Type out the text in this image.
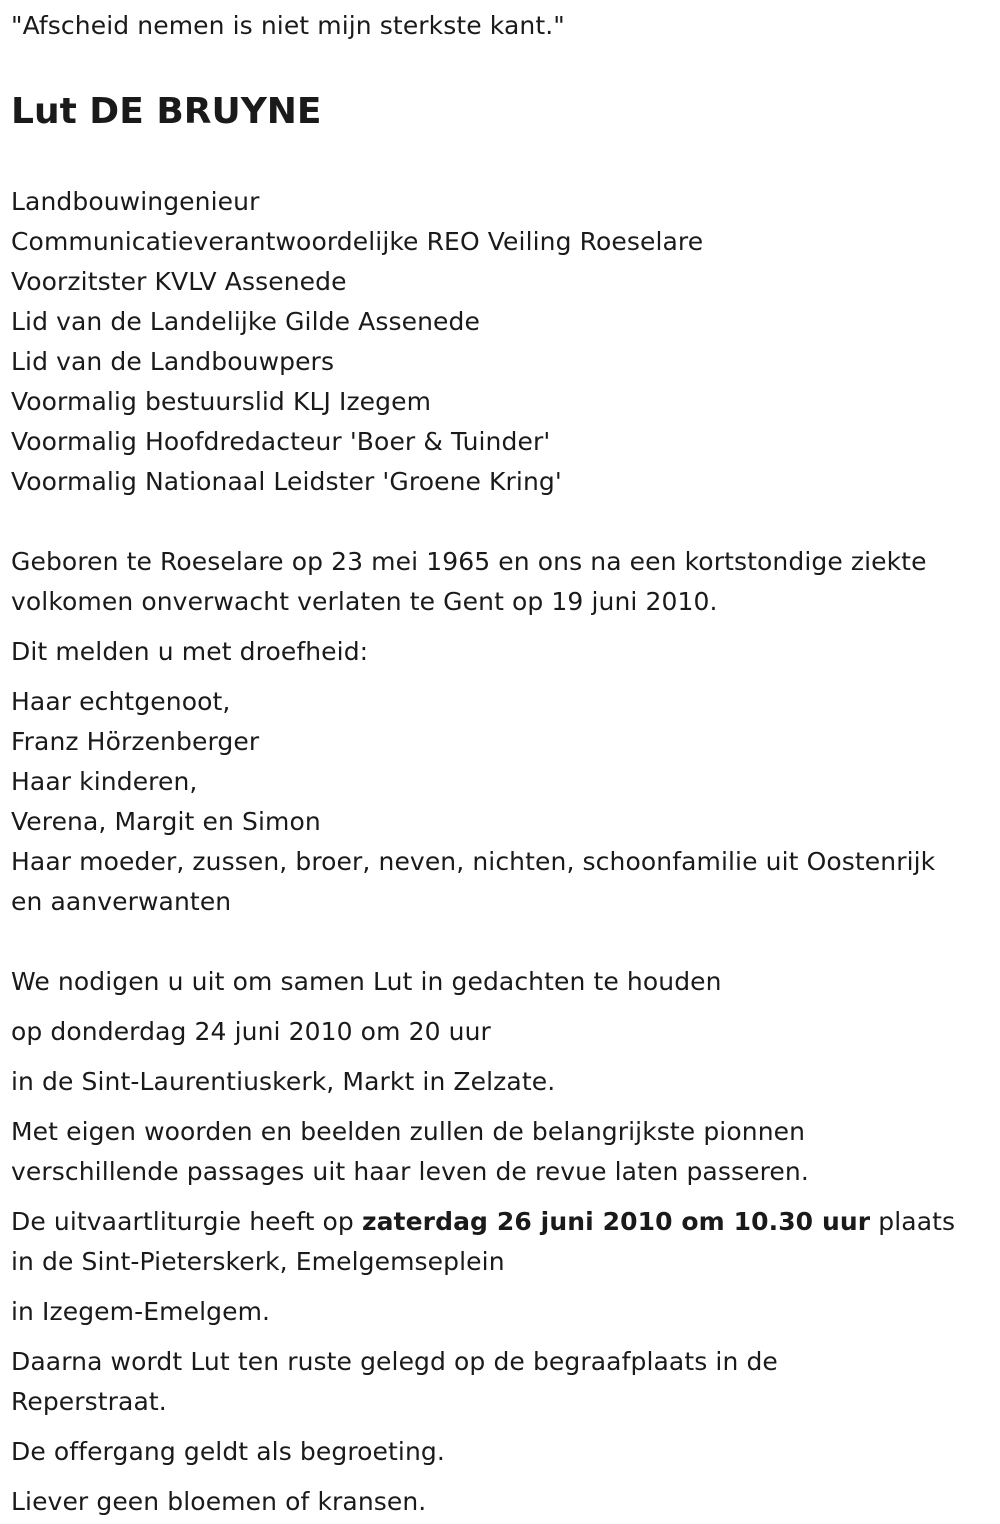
"Afscheid nemen is niet mijn sterkste kant."
Lut DE BRUYNE
Landbouwingenieur
Communicatieverantwoordelijke REO Veiling Roeselare
Voorzitster KVLV Assenede
Lid van de Landelijke Gilde Assenede
Lid van de Landbouwpers
Voormalig bestuurslid KLJ Izegem
Voormalig Hoofdredacteur 'Boer & Tuinder'
Voormalig Nationaal Leidster 'Groene Kring'
Geboren te Roeselare op 23 mei 1965 en ons na een kortstondige ziekte
volkomen onverwacht verlaten te Gent op 19 juni 2010.
Dit melden u met droefheid:
Haar echtgenoot,
Franz Hörzenberger
Haar kinderen,
Verena, Margit en Simon
Haar moeder, zussen, broer, neven, nichten, schoonfamilie uit Oostenrijk
en aanverwanten
We nodigen u uit om samen Lut in gedachten te houden
op donderdag 24 juni 2010 om 20 uur
in de Sint-Laurentiuskerk, Markt in Zelzate.
Met eigen woorden en beelden zullen de belangrijkste pionnen
verschillende passages uit haar leven de revue laten passeren.
De uitvaartliturgie heeft op zaterdag 26 juni 2010 om 10.30 uur plaats
in de Sint-Pieterskerk, Emelgemseplein
in Izegem-Emelgem.
Daarna wordt Lut ten ruste gelegd op de begraafplaats in de
Reperstraat.
De offergang geldt als begroeting.
Liever geen bloemen of kransen.
